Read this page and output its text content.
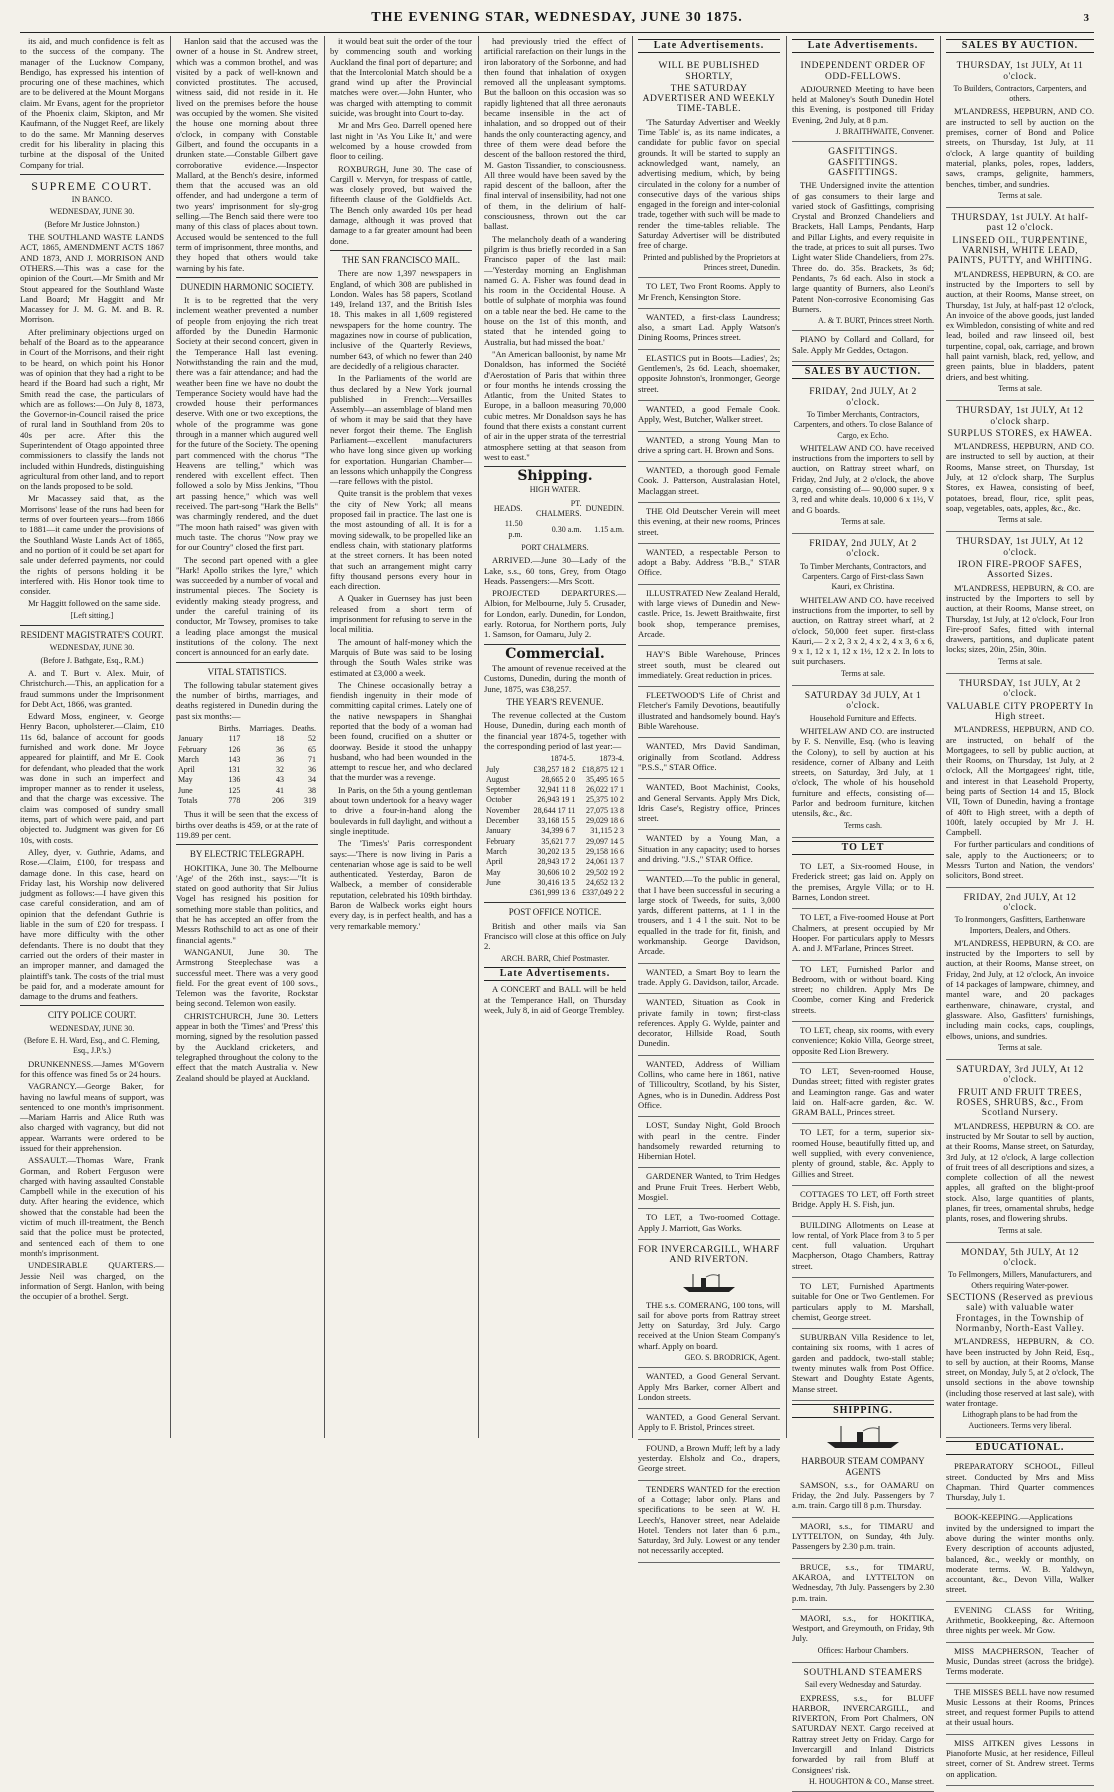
THE EVENING STAR, WEDNESDAY, JUNE 30 1875.	3

its aid, and much confidence is felt as to the success of the company. The manager of the Lucknow Company, Bendigo, has expressed his intention of procuring one of these machines, which are to be delivered at the Mount Morgans claim. Mr Evans, agent for the proprietor of the Phoenix claim, Skipton, and Mr Kaufmann, of the Nugget Reef, are likely to do the same. Mr Manning deserves credit for his liberality in placing this turbine at the disposal of the United Company for trial.

SUPREME COURT.
IN BANCO.
WEDNESDAY, JUNE 30.
(Before Mr Justice Johnston.)

THE SOUTHLAND WASTE LANDS ACT, 1865, AMENDMENT ACTS 1867 AND 1873, AND J. MORRISON AND OTHERS.—This was a case for the opinion of the Court.—Mr Smith and Mr Stout appeared for the Southland Waste Land Board; Mr Haggitt and Mr Macassey for J. M. G. M. and B. R. Morrison.

After preliminary objections urged on behalf of the Board as to the appearance in Court of the Morrisons, and their right to be heard, on which point his Honor was of opinion that they had a right to be heard if the Board had such a right, Mr Smith read the case, the particulars of which are as follows:—On July 8, 1873, the Governor-in-Council raised the price of rural land in Southland from 20s to 40s per acre. After this the Superintendent of Otago appointed three commissioners to classify the lands not included within Hundreds, distinguishing agricultural from other land, and to report on the lands proposed to be sold.

Mr Macassey said that, as the Morrisons' lease of the runs had been for terms of over fourteen years—from 1866 to 1881—it came under the provisions of the Southland Waste Lands Act of 1865, and no portion of it could be set apart for sale under deferred payments, nor could the rights of persons holding it be interfered with. His Honor took time to consider.

Mr Haggitt followed on the same side.

[Left sitting.]
RESIDENT MAGISTRATE'S COURT.
WEDNESDAY, JUNE 30.
(Before J. Bathgate, Esq., R.M.)

A. and T. Burt v. Alex. Muir, of Christchurch.—This, an application for a fraud summons under the Imprisonment for Debt Act, 1866, was granted.

Edward Moss, engineer, v. George Henry Bacon, upholsterer.—Claim, £10 11s 6d, balance of account for goods furnished and work done. Mr Joyce appeared for plaintiff, and Mr E. Cook for defendant, who pleaded that the work was done in such an imperfect and improper manner as to render it useless, and that the charge was excessive. The claim was composed of sundry small items, part of which were paid, and part objected to. Judgment was given for £6 10s, with costs.

Alley, dyer, v. Guthrie, Adams, and Rose.—Claim, £100, for trespass and damage done. In this case, heard on Friday last, his Worship now delivered judgment as follows:—I have given this case careful consideration, and am of opinion that the defendant Guthrie is liable in the sum of £20 for trespass. I have more difficulty with the other defendants. There is no doubt that they carried out the orders of their master in an improper manner, and damaged the plaintiff's tank. The costs of the trial must be paid for, and a moderate amount for damage to the drums and feathers.

CITY POLICE COURT.
WEDNESDAY, JUNE 30.
(Before E. H. Ward, Esq., and C. Fleming, Esq., J.P.'s.)

DRUNKENNESS.—James M'Govern for this offence was fined 5s or 24 hours.

VAGRANCY.—George Baker, for having no lawful means of support, was sentenced to one month's imprisonment.—Mariam Harris and Alice Ruth was also charged with vagrancy, but did not appear. Warrants were ordered to be issued for their apprehension.

ASSAULT.—Thomas Ware, Frank Gorman, and Robert Ferguson were charged with having assaulted Constable Campbell while in the execution of his duty. After hearing the evidence, which showed that the constable had been the victim of much ill-treatment, the Bench said that the police must be protected, and sentenced each of them to one month's imprisonment.

UNDESIRABLE QUARTERS.—Jessie Neil was charged, on the information of Sergt. Hanlon, with being the occupier of a brothel. Sergt.

Hanlon said that the accused was the owner of a house in St. Andrew street, which was a common brothel, and was visited by a pack of well-known and convicted prostitutes. The accused, witness said, did not reside in it. He lived on the premises before the house was occupied by the women. She visited the house one morning about three o'clock, in company with Constable Gilbert, and found the occupants in a drunken state.—Constable Gilbert gave corroborative evidence.—Inspector Mallard, at the Bench's desire, informed them that the accused was an old offender, and had undergone a term of two years' imprisonment for sly-grog selling.—The Bench said there were too many of this class of places about town. Accused would be sentenced to the full term of imprisonment, three months, and they hoped that others would take warning by his fate.

DUNEDIN HARMONIC SOCIETY.

It is to be regretted that the very inclement weather prevented a number of people from enjoying the rich treat afforded by the Dunedin Harmonic Society at their second concert, given in the Temperance Hall last evening. Notwithstanding the rain and the mud, there was a fair attendance; and had the weather been fine we have no doubt the Temperance Society would have had the crowded house their performances deserve. With one or two exceptions, the whole of the programme was gone through in a manner which augured well for the future of the Society. The opening part commenced with the chorus "The Heavens are telling," which was rendered with excellent effect. Then followed a solo by Miss Jenkins, "Thou art passing hence," which was well received. The part-song "Hark the Bells" was charmingly rendered, and the duet "The moon hath raised" was given with much taste. The chorus "Now pray we for our Country" closed the first part.

The second part opened with a glee "Hark! Apollo strikes the lyre," which was succeeded by a number of vocal and instrumental pieces. The Society is evidently making steady progress, and under the careful training of its conductor, Mr Towsey, promises to take a leading place amongst the musical institutions of the colony. The next concert is announced for an early date.

VITAL STATISTICS.

The following tabular statement gives the number of births, marriages, and deaths registered in Dunedin during the past six months:—

	Births.	Marriages.	Deaths.
January	117	18	52
February	126	36	65
March	143	36	71
April	131	32	36
May	136	43	34
June	125	41	38
Totals	778	206	319

Thus it will be seen that the excess of births over deaths is 459, or at the rate of 119.89 per cent.

BY ELECTRIC TELEGRAPH.

HOKITIKA, June 30. The Melbourne 'Age' of the 26th inst., says:—"It is stated on good authority that Sir Julius Vogel has resigned his position for something more stable than politics, and that he has accepted an offer from the Messrs Rothschild to act as one of their financial agents."

WANGANUI, June 30. The Armstrong Steeplechase was a successful meet. There was a very good field. For the great event of 100 sovs., Telemon was the favorite, Rockstar being second. Telemon won easily.

CHRISTCHURCH, June 30. Letters appear in both the 'Times' and 'Press' this morning, signed by the resolution passed by the Auckland cricketers, and telegraphed throughout the colony to the effect that the match Australia v. New Zealand should be played at Auckland.

it would beat suit the order of the tour by commencing south and working Auckland the final port of departure; and that the Intercolonial Match should be a grand wind up after the Provincial matches were over.—John Hunter, who was charged with attempting to commit suicide, was brought into Court to-day.

Mr and Mrs Geo. Darrell opened here last night in 'As You Like It,' and were welcomed by a house crowded from floor to ceiling.

ROXBURGH, June 30. The case of Cargill v. Mervyn, for trespass of cattle, was closely proved, but waived the fifteenth clause of the Goldfields Act. The Bench only awarded 10s per head damage, although it was proved that damage to a far greater amount had been done.

THE SAN FRANCISCO MAIL.

There are now 1,397 newspapers in England, of which 308 are published in London. Wales has 58 papers, Scotland 149, Ireland 137, and the British Isles 18. This makes in all 1,609 registered newspapers for the home country. The magazines now in course of publication, inclusive of the Quarterly Reviews, number 643, of which no fewer than 240 are decidedly of a religious character.

In the Parliaments of the world are thus declared by a New York journal published in French:—Versailles Assembly—an assemblage of bland men of whom it may be said that they have never forgot their theme. The English Parliament—excellent manufacturers who have long since given up working for exportation. Hungarian Chamber—an lessons which unhappily the Congress—rare fellows with the pistol.

Quite transit is the problem that vexes the city of New York; all means proposed fail in practice. The last one is the most astounding of all. It is for a moving sidewalk, to be propelled like an endless chain, with stationary platforms at the street corners. It has been noted that such an arrangement might carry fifty thousand persons every hour in each direction.

A Quaker in Guernsey has just been released from a short term of imprisonment for refusing to serve in the local militia.

The amount of half-money which the Marquis of Bute was said to be losing through the South Wales strike was estimated at £3,000 a week.

The Chinese occasionally betray a fiendish ingenuity in their mode of committing capital crimes. Lately one of the native newspapers in Shanghai reported that the body of a woman had been found, crucified on a shutter or doorway. Beside it stood the unhappy husband, who had been wounded in the attempt to rescue her, and who declared that the murder was a revenge.

In Paris, on the 5th a young gentleman about town undertook for a heavy wager to drive a four-in-hand along the boulevards in full daylight, and without a single ineptitude.

The 'Times's' Paris correspondent says:—'There is now living in Paris a centenarian whose age is said to be well authenticated. Yesterday, Baron de Walbeck, a member of considerable reputation, celebrated his 109th birthday. Baron de Walbeck works eight hours every day, is in perfect health, and has a very remarkable memory.'

had previously tried the effect of artificial rarefaction on their lungs in the iron laboratory of the Sorbonne, and had then found that inhalation of oxygen removed all the unpleasant symptoms. But the balloon on this occasion was so rapidly lightened that all three aeronauts became insensible in the act of inhalation, and so dropped out of their hands the only counteracting agency, and three of them were dead before the descent of the balloon restored the third, M. Gaston Tissandier, to consciousness. All three would have been saved by the rapid descent of the balloon, after the final interval of insensibility, had not one of them, in the delirium of half-consciousness, thrown out the car ballast.

The melancholy death of a wandering pilgrim is thus briefly recorded in a San Francisco paper of the last mail:—'Yesterday morning an Englishman named G. A. Fisher was found dead in his room in the Occidental House. A bottle of sulphate of morphia was found on a table near the bed. He came to the house on the 1st of this month, and stated that he intended going to Australia, but had missed the boat.'

"An American balloonist, by name Mr Donaldson, has informed the Société d'Aerostation of Paris that within three or four months he intends crossing the Atlantic, from the United States to Europe, in a balloon measuring 70,000 cubic metres. Mr Donaldson says he has found that there exists a constant current of air in the upper strata of the terrestrial atmosphere setting at that season from west to east."

Shipping.
HIGH WATER.
	HEADS.	PT. CHALMERS.	DUNEDIN.
	11.50 p.m.	0.30 a.m.	1.15 a.m.
PORT CHALMERS.

ARRIVED.—June 30—Lady of the Lake, s.s., 60 tons, Grey, from Otago Heads. Passengers:—Mrs Scott.

PROJECTED DEPARTURES.—Albion, for Melbourne, July 5. Crusader, for London, early. Dunedin, for London, early. Rotorua, for Northern ports, July 1. Samson, for Oamaru, July 2.

Commercial.

The amount of revenue received at the Customs, Dunedin, during the month of June, 1875, was £38,257.

THE YEAR'S REVENUE.

The revenue collected at the Custom House, Dunedin, during each month of the financial year 1874-5, together with the corresponding period of last year:—

	1874-5.	1873-4.
July	£38,257 18 2	£18,875 12 1
August	28,665 2 0	35,495 16 5
September	32,941 11 8	26,022 17 1
October	26,943 19 1	25,375 10 2
November	28,644 17 11	27,075 13 8
December	33,168 15 5	29,029 18 6
January	34,399 6 7	31,115 2 3
February	35,621 7 7	29,097 14 5
March	30,202 13 5	29,158 16 6
April	28,943 17 2	24,061 13 7
May	30,606 10 2	29,502 19 2
June	30,416 13 5	24,652 13 2
	£361,999 13 6	£337,049 2 2
POST OFFICE NOTICE.

British and other mails via San Francisco will close at this office on July 2.

ARCH. BARR, Chief Postmaster.
Late Advertisements.

A CONCERT and BALL will be held at the Temperance Hall, on Thursday week, July 8, in aid of George Trembley.

Late Advertisements.
WILL BE PUBLISHED SHORTLY,
THE SATURDAY ADVERTISER AND WEEKLY TIME-TABLE.

'The Saturday Advertiser and Weekly Time Table' is, as its name indicates, a candidate for public favor on special grounds. It will be started to supply an acknowledged want, namely, an advertising medium, which, by being circulated in the colony for a number of consecutive days of the various ships engaged in the foreign and inter-colonial trade, together with such will be made to render the time-tables reliable. The Saturday Advertiser will be distributed free of charge.

Printed and published by the Proprietors at Princes street, Dunedin.

TO LET, Two Front Rooms. Apply to Mr French, Kensington Store.

WANTED, a first-class Laundress; also, a smart Lad. Apply Watson's Dining Rooms, Princes street.

ELASTICS put in Boots—Ladies', 2s; Gentlemen's, 2s 6d. Leach, shoemaker, opposite Johnston's, Ironmonger, George street.

WANTED, a good Female Cook. Apply, West, Butcher, Walker street.

WANTED, a strong Young Man to drive a spring cart. H. Brown and Sons.

WANTED, a thorough good Female Cook. J. Patterson, Australasian Hotel, Maclaggan street.

THE Old Deutscher Verein will meet this evening, at their new rooms, Princes street.

WANTED, a respectable Person to adopt a Baby. Address "B.B.," STAR Office.

ILLUSTRATED New Zealand Herald, with large views of Dunedin and New-castle. Price, 1s. Jewett Braithwaite, first book shop, temperance premises, Arcade.

HAY'S Bible Warehouse, Princes street south, must be cleared out immediately. Great reduction in prices.

FLEETWOOD'S Life of Christ and Fletcher's Family Devotions, beautifully illustrated and handsomely bound. Hay's Bible Warehouse.

WANTED, Mrs David Sandiman, originally from Scotland. Address "P.S.S.," STAR Office.

WANTED, Boot Machinist, Cooks, and General Servants. Apply Mrs Dick, Idris Case's, Registry office, Princes street.

WANTED by a Young Man, a Situation in any capacity; used to horses and driving. "J.S.," STAR Office.

WANTED.—To the public in general, that I have been successful in securing a large stock of Tweeds, for suits, 3,000 yards, different patterns, at 1 l in the trousers, and 1 4 l the suit. Not to be equalled in the trade for fit, finish, and workmanship. George Davidson, Arcade.

WANTED, a Smart Boy to learn the trade. Apply G. Davidson, tailor, Arcade.

WANTED, Situation as Cook in private family in town; first-class references. Apply G. Wylde, painter and decorator, Hillside Road, South Dunedin.

WANTED, Address of William Collins, who came here in 1861, native of Tillicoultry, Scotland, by his Sister, Agnes, who is in Dunedin. Address Post Office.

LOST, Sunday Night, Gold Brooch with pearl in the centre. Finder handsomely rewarded returning to Hibernian Hotel.

GARDENER Wanted, to Trim Hedges and Prune Fruit Trees. Herbert Webb, Mosgiel.

TO LET, a Two-roomed Cottage. Apply J. Marriott, Gas Works.

FOR INVERCARGILL, WHARF AND RIVERTON.

THE s.s. COMERANG, 100 tons, will sail for above ports from Rattray street Jetty on Saturday, 3rd July. Cargo received at the Union Steam Company's wharf. Apply on board.

GEO. S. BRODRICK, Agent.

WANTED, a Good General Servant. Apply Mrs Barker, corner Albert and London streets.

WANTED, a Good General Servant. Apply to F. Bristol, Princes street.

FOUND, a Brown Muff; left by a lady yesterday. Elsholz and Co., drapers, George street.

TENDERS WANTED for the erection of a Cottage; labor only. Plans and specifications to be seen at W. H. Leech's, Hanover street, near Adelaide Hotel. Tenders not later than 6 p.m., Saturday, 3rd July. Lowest or any tender not necessarily accepted.

Late Advertisements.
INDEPENDENT ORDER OF ODD-FELLOWS.

ADJOURNED Meeting to have been held at Maloney's South Dunedin Hotel this Evening, is postponed till Friday Evening, 2nd July, at 8 p.m.

J. BRAITHWAITE, Convener.
GASFITTINGS. GASFITTINGS. GASFITTINGS.

THE Undersigned invite the attention of gas consumers to their large and varied stock of Gasfittings, comprising Crystal and Bronzed Chandeliers and Brackets, Hall Lamps, Pendants, Harp and Pillar Lights, and every requisite in the trade, at prices to suit all purses. Two Light water Slide Chandeliers, from 27s. Three do. do. 35s. Brackets, 3s 6d; Pendants, 7s 6d each. Also in stock a large quantity of Burners, also Leoni's Patent Non-corrosive Economising Gas Burners.

A. & T. BURT, Princes street North.

PIANO by Collard and Collard, for Sale. Apply Mr Geddes, Octagon.

SALES BY AUCTION.
FRIDAY, 2nd JULY, At 2 o'clock.
To Timber Merchants, Contractors, Carpenters, and others. To close Balance of Cargo, ex Echo.

WHITELAW AND CO. have received instructions from the importers to sell by auction, on Rattray street wharf, on Friday, 2nd July, at 2 o'clock, the above cargo, consisting of— 90,000 super. 9 x 3, red and white deals. 10,000 6 x 1½, V and G boards.

Terms at sale.
FRIDAY, 2nd JULY, At 2 o'clock.
To Timber Merchants, Contractors, and Carpenters. Cargo of First-class Sawn Kauri, ex Christina.

WHITELAW AND CO. have received instructions from the importer, to sell by auction, on Rattray street wharf, at 2 o'clock, 50,000 feet super. first-class Kauri,— 2 x 2, 3 x 2, 4 x 2, 4 x 3, 6 x 6, 9 x 1, 12 x 1, 12 x 1½, 12 x 2. In lots to suit purchasers.

Terms at sale.
SATURDAY 3d JULY, At 1 o'clock.
Household Furniture and Effects.

WHITELAW AND CO. are instructed by F. S. Nenville, Esq. (who is leaving the Colony), to sell by auction at his residence, corner of Albany and Leith streets, on Saturday, 3rd July, at 1 o'clock, The whole of his household furniture and effects, consisting of— Parlor and bedroom furniture, kitchen utensils, &c., &c.

Terms cash.
TO LET

TO LET, a Six-roomed House, in Frederick street; gas laid on. Apply on the premises, Argyle Villa; or to H. Barnes, London street.

TO LET, a Five-roomed House at Port Chalmers, at present occupied by Mr Hooper. For particulars apply to Messrs A. and J. M'Farlane, Princes Street.

TO LET, Furnished Parlor and Bedroom, with or without board. King street; no children. Apply Mrs De Coombe, corner King and Frederick streets.

TO LET, cheap, six rooms, with every convenience; Kokio Villa, George street, opposite Red Lion Brewery.

TO LET, Seven-roomed House, Dundas street; fitted with register grates and Leamington range. Gas and water laid on. Half-acre garden, &c. W. GRAM BALL, Princes street.

TO LET, for a term, superior six-roomed House, beautifully fitted up, and well supplied, with every convenience, plenty of ground, stable, &c. Apply to Gillies and Street.

COTTAGES TO LET, off Forth street Bridge. Apply H. S. Fish, jun.

BUILDING Allotments on Lease at low rental, of York Place from 3 to 5 per cent. full valuation. Urquhart Macpherson, Otago Chambers, Rattray street.

TO LET, Furnished Apartments suitable for One or Two Gentlemen. For particulars apply to M. Marshall, chemist, George street.

SUBURBAN Villa Residence to let, containing six rooms, with 1 acres of garden and paddock, two-stall stable; twenty minutes walk from Post Office. Stewart and Doughty Estate Agents, Manse street.

SHIPPING.
HARBOUR STEAM COMPANY AGENTS

SAMSON, s.s., for OAMARU on Friday, the 2nd July. Passengers by 7 a.m. train. Cargo till 8 p.m. Thursday.

MAORI, s.s., for TIMARU and LYTTELTON, on Sunday, 4th July. Passengers by 2.30 p.m. train.

BRUCE, s.s., for TIMARU, AKAROA, and LYTTELTON on Wednesday, 7th July. Passengers by 2.30 p.m. train.

MAORI, s.s., for HOKITIKA, Westport, and Greymouth, on Friday, 9th July.

Offices: Harbour Chambers.
SOUTHLAND STEAMERS
Sail every Wednesday and Saturday.

EXPRESS, s.s., for BLUFF HARBOR, INVERCARGILL, and RIVERTON, From Port Chalmers, ON SATURDAY NEXT. Cargo received at Rattray street Jetty on Friday. Cargo for Invercargill and Inland Districts forwarded by rail from Bluff at Consignees' risk.

H. HOUGHTON & CO., Manse street.
SALES BY AUCTION.
THURSDAY, 1st JULY, At 11 o'clock.
To Builders, Contractors, Carpenters, and others.

M'LANDRESS, HEPBURN, AND CO. are instructed to sell by auction on the premises, corner of Bond and Police streets, on Thursday, 1st July, at 11 o'clock, A large quantity of building material, planks, poles, ropes, ladders, saws, cramps, gelignite, hammers, benches, timber, and sundries.

Terms at sale.
THURSDAY, 1st JULY. At half-past 12 o'clock.
LINSEED OIL, TURPENTINE, VARNISH, WHITE LEAD, PAINTS, PUTTY, and WHITING.

M'LANDRESS, HEPBURN, & CO. are instructed by the Importers to sell by auction, at their Rooms, Manse street, on Thursday, 1st July, at half-past 12 o'clock, An invoice of the above goods, just landed ex Wimbledon, consisting of white and red lead, boiled and raw linseed oil, best turpentine, copal, oak, carriage, and brown hall paint varnish, black, red, yellow, and green paints, blue in bladders, patent driers, and best whiting.

Terms at sale.
THURSDAY, 1st JULY, At 12 o'clock sharp.
SURPLUS STORES, ex HAWEA.

M'LANDRESS, HEPBURN, AND CO. are instructed to sell by auction, at their Rooms, Manse street, on Thursday, 1st July, at 12 o'clock sharp, The Surplus Stores, ex Hawea, consisting of beef, potatoes, bread, flour, rice, split peas, soap, vegetables, oats, apples, &c., &c.

Terms at sale.
THURSDAY, 1st JULY, At 12 o'clock.
IRON FIRE-PROOF SAFES, Assorted Sizes.

M'LANDRESS, HEPBURN, & CO. are instructed by the Importers to sell by auction, at their Rooms, Manse street, on Thursday, 1st July, at 12 o'clock, Four Iron Fire-proof Safes, fitted with internal drawers, partitions, and duplicate patent locks; sizes, 20in, 25in, 30in.

Terms at sale.
THURSDAY, 1st JULY, At 2 o'clock.
VALUABLE CITY PROPERTY In High street.

M'LANDRESS, HEPBURN, AND CO. are instructed, on behalf of the Mortgagees, to sell by public auction, at their Rooms, on Thursday, 1st July, at 2 o'clock, All the Mortgagees' right, title, and interest in that Leasehold Property, being parts of Section 14 and 15, Block VII, Town of Dunedin, having a frontage of 40ft to High street, with a depth of 100ft, lately occupied by Mr J. H. Campbell.

For further particulars and conditions of sale, apply to the Auctioneers; or to Messrs Turton and Nation, the vendors' solicitors, Bond street.

FRIDAY, 2nd JULY, At 12 o'clock.
To Ironmongers, Gasfitters, Earthenware Importers, Dealers, and Others.

M'LANDRESS, HEPBURN, & CO. are instructed by the Importers to sell by auction, at their Rooms, Manse street, on Friday, 2nd July, at 12 o'clock, An invoice of 14 packages of lampware, chimney, and mantel ware, and 20 packages earthenware, chinaware, crystal, and glassware. Also, Gasfitters' furnishings, including main cocks, caps, couplings, elbows, unions, and sundries.

Terms at sale.
SATURDAY, 3rd JULY, At 12 o'clock.
FRUIT AND FRUIT TREES, ROSES, SHRUBS, &c., From Scotland Nursery.

M'LANDRESS, HEPBURN & CO. are instructed by Mr Soutar to sell by auction, at their Rooms, Manse street, on Saturday, 3rd July, at 12 o'clock, A large collection of fruit trees of all descriptions and sizes, a complete collection of all the newest apples, all grafted on the blight-proof stock. Also, large quantities of plants, planes, fir trees, ornamental shrubs, hedge plants, roses, and flowering shrubs.

Terms at sale.
MONDAY, 5th JULY, At 12 o'clock.
To Fellmongers, Millers, Manufacturers, and Others requiring Water-power.
SECTIONS (Reserved as previous sale) with valuable water Frontages, in the Township of Normanby, North-East Valley.

M'LANDRESS, HEPBURN, & CO. have been instructed by John Reid, Esq., to sell by auction, at their Rooms, Manse street, on Monday, July 5, at 2 o'clock, The unsold sections in the above township (including those reserved at last sale), with water frontage.

Lithograph plans to be had from the Auctioneers. Terms very liberal.
EDUCATIONAL.

PREPARATORY SCHOOL, Filleul street. Conducted by Mrs and Miss Chapman. Third Quarter commences Thursday, July 1.

BOOK-KEEPING.—Applications invited by the undersigned to impart the above during the winter months only. Every description of accounts adjusted, balanced, &c., weekly or monthly, on moderate terms. W. B. Yaldwyn, accountant, &c., Devon Villa, Walker street.

EVENING CLASS for Writing, Arithmetic, Bookkeeping, &c. Afternoon three nights per week. Mr Gow.

MISS MACPHERSON, Teacher of Music, Dundas street (across the bridge). Terms moderate.

THE MISSES BELL have now resumed Music Lessons at their Rooms, Princes street, and request former Pupils to attend at their usual hours.

MISS AITKEN gives Lessons in Pianoforte Music, at her residence, Filleul street, corner of St. Andrew street. Terms on application.
